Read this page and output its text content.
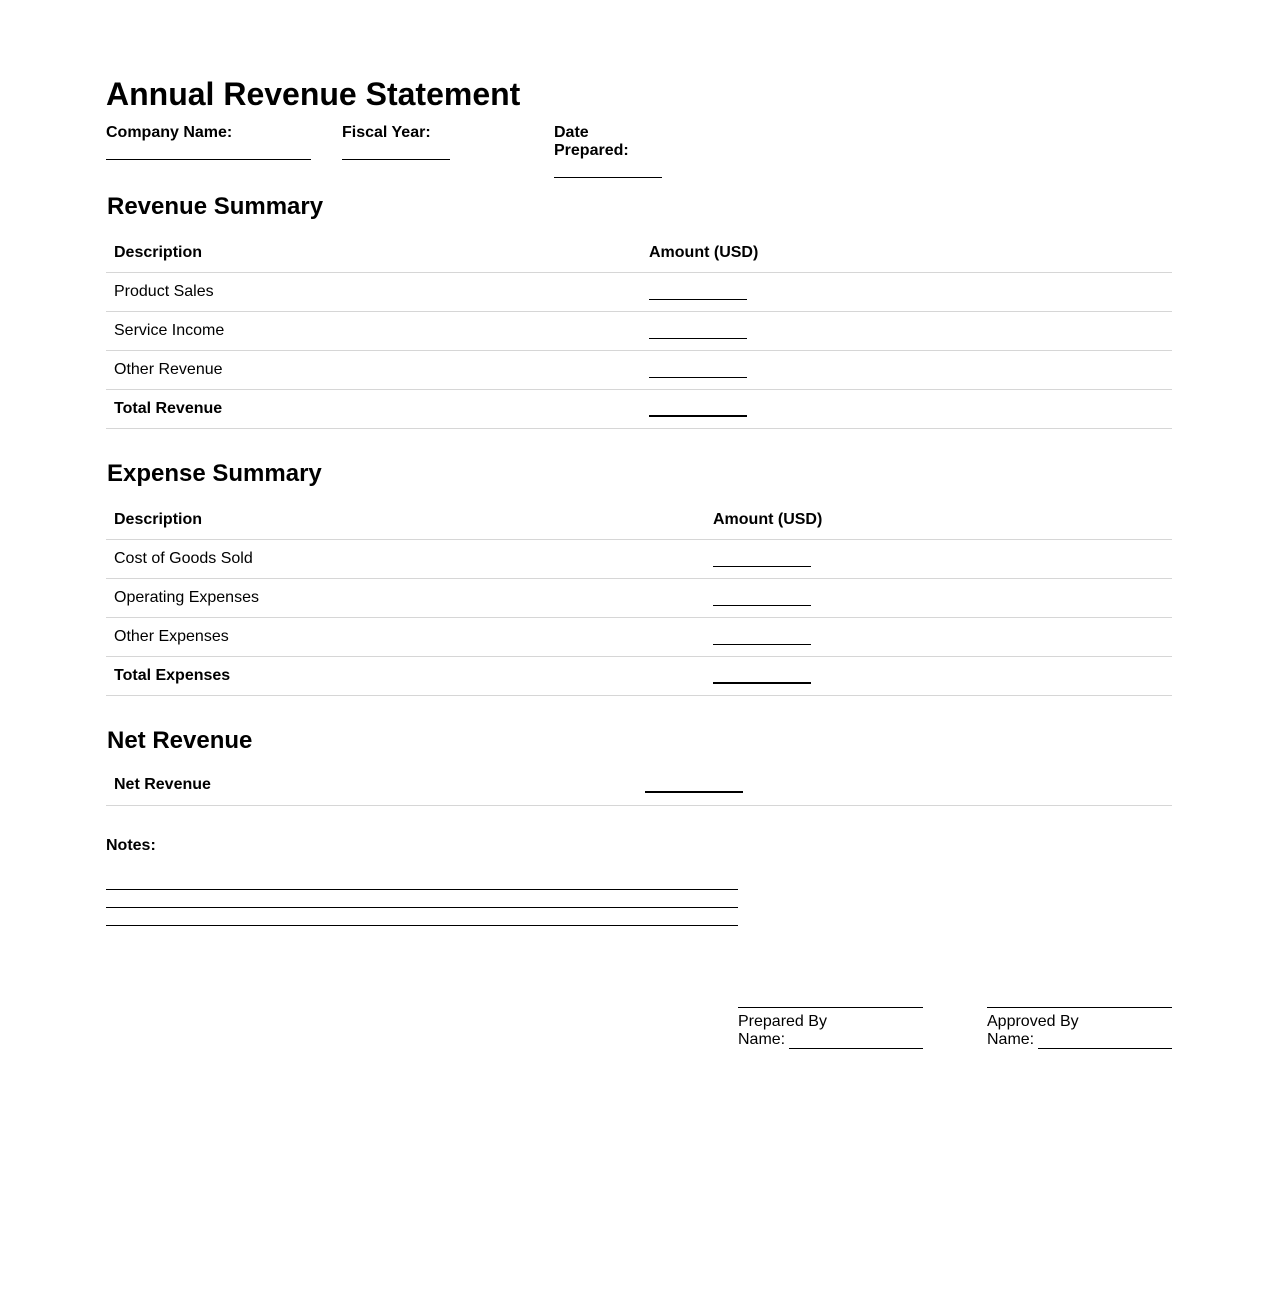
Annual Revenue Statement
Company Name:	Fiscal Year:	Date Prepared:
Revenue Summary
Description	Amount (USD)
Product Sales
Service Income
Other Revenue
Total Revenue
Expense Summary
Description	Amount (USD)
Cost of Goods Sold
Operating Expenses
Other Expenses
Total Expenses
Net Revenue
Net Revenue
Notes:
Prepared By
Name:
Approved By
Name:
